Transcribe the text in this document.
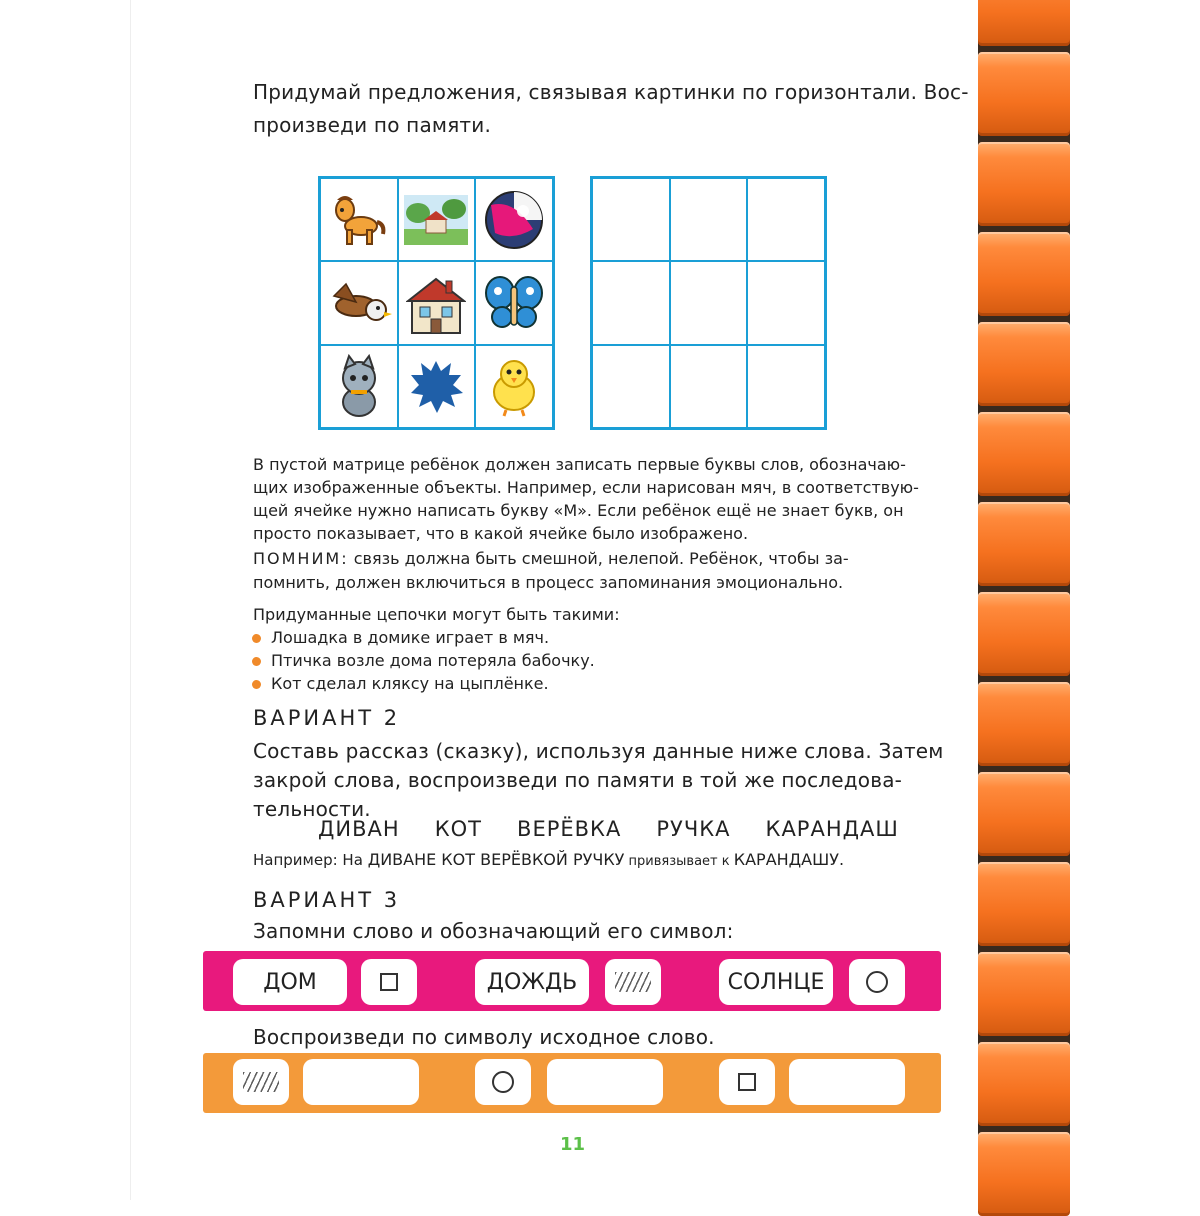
Придумай предложения, связывая картинки по горизонтали. Вос-
произведи по памяти.
В пустой матрице ребёнок должен записать первые буквы слов, обозначаю-
щих изображенные объекты. Например, если нарисован мяч, в соответствую-
щей ячейке нужно написать букву «М». Если ребёнок ещё не знает букв, он
просто показывает, что в какой ячейке было изображено.
ПОМНИМ: связь должна быть смешной, нелепой. Ребёнок, чтобы за-
помнить, должен включиться в процесс запоминания эмоционально.
Придуманные цепочки могут быть такими:
Лошадка в домике играет в мяч.
Птичка возле дома потеряла бабочку.
Кот сделал кляксу на цыплёнке.
ВАРИАНТ 2
Составь рассказ (сказку), используя данные ниже слова. Затем
закрой слова, воспроизведи по памяти в той же последова-
тельности.
ДИВАН КОТ ВЕРЁВКА РУЧКА КАРАНДАШ
Например: На ДИВАНЕ КОТ ВЕРЁВКОЙ РУЧКУ привязывает к КАРАНДАШУ.
ВАРИАНТ 3
Запомни слово и обозначающий его символ:
ДОМ	ДОЖДЬ	СОЛНЦЕ
Воспроизведи по символу исходное слово.
11
